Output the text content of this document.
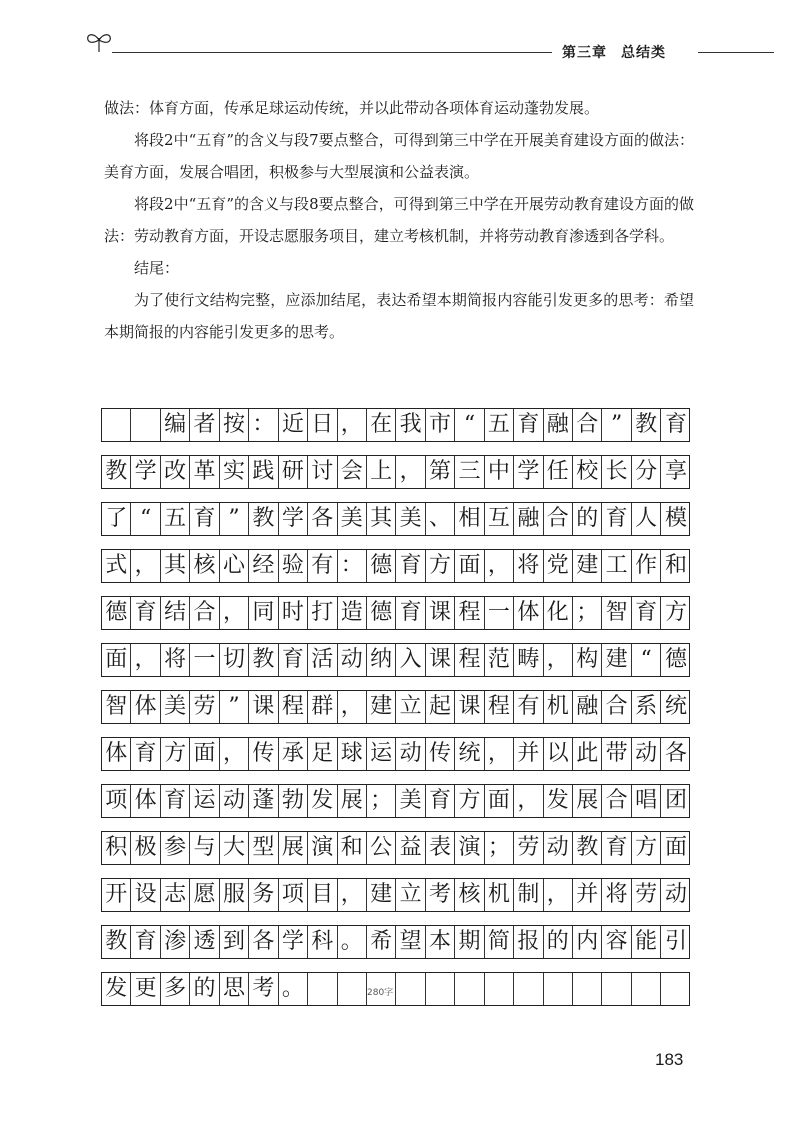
第三章 总结类

做法：体育方面，传承足球运动传统，并以此带动各项体育运动蓬勃发展。

将段2中“五育”的含义与段7要点整合，可得到第三中学在开展美育建设方面的做法：美育方面，发展合唱团，积极参与大型展演和公益表演。

将段2中“五育”的含义与段8要点整合，可得到第三中学在开展劳动教育建设方面的做法：劳动教育方面，开设志愿服务项目，建立考核机制，并将劳动教育渗透到各学科。

结尾：

为了使行文结构完整，应添加结尾，表达希望本期简报内容能引发更多的思考：希望本期简报的内容能引发更多的思考。

编 者 按 ： 近 日 ， 在 我 市 “ 五 育 融 合 ” 教 育
教 学 改 革 实 践 研 讨 会 上 ， 第 三 中 学 任 校 长 分 享
了 “ 五 育 ” 教 学 各 美 其 美 、 相 互 融 合 的 育 人 模
式 ， 其 核 心 经 验 有 ： 德 育 方 面 ， 将 党 建 工 作 和
德 育 结 合 ， 同 时 打 造 德 育 课 程 一 体 化 ； 智 育 方
面 ， 将 一 切 教 育 活 动 纳 入 课 程 范 畴 ， 构 建 “ 德
智 体 美 劳 ” 课 程 群 ， 建 立 起 课 程 有 机 融 合 系 统
体 育 方 面 ， 传 承 足 球 运 动 传 统 ， 并 以 此 带 动 各
项 体 育 运 动 蓬 勃 发 展 ； 美 育 方 面 ， 发 展 合 唱 团
积 极 参 与 大 型 展 演 和 公 益 表 演 ； 劳 动 教 育 方 面
开 设 志 愿 服 务 项 目 ， 建 立 考 核 机 制 ， 并 将 劳 动
教 育 渗 透 到 各 学 科 。 希 望 本 期 简 报 的 内 容 能 引
发 更 多 的 思 考 。	280字
183
